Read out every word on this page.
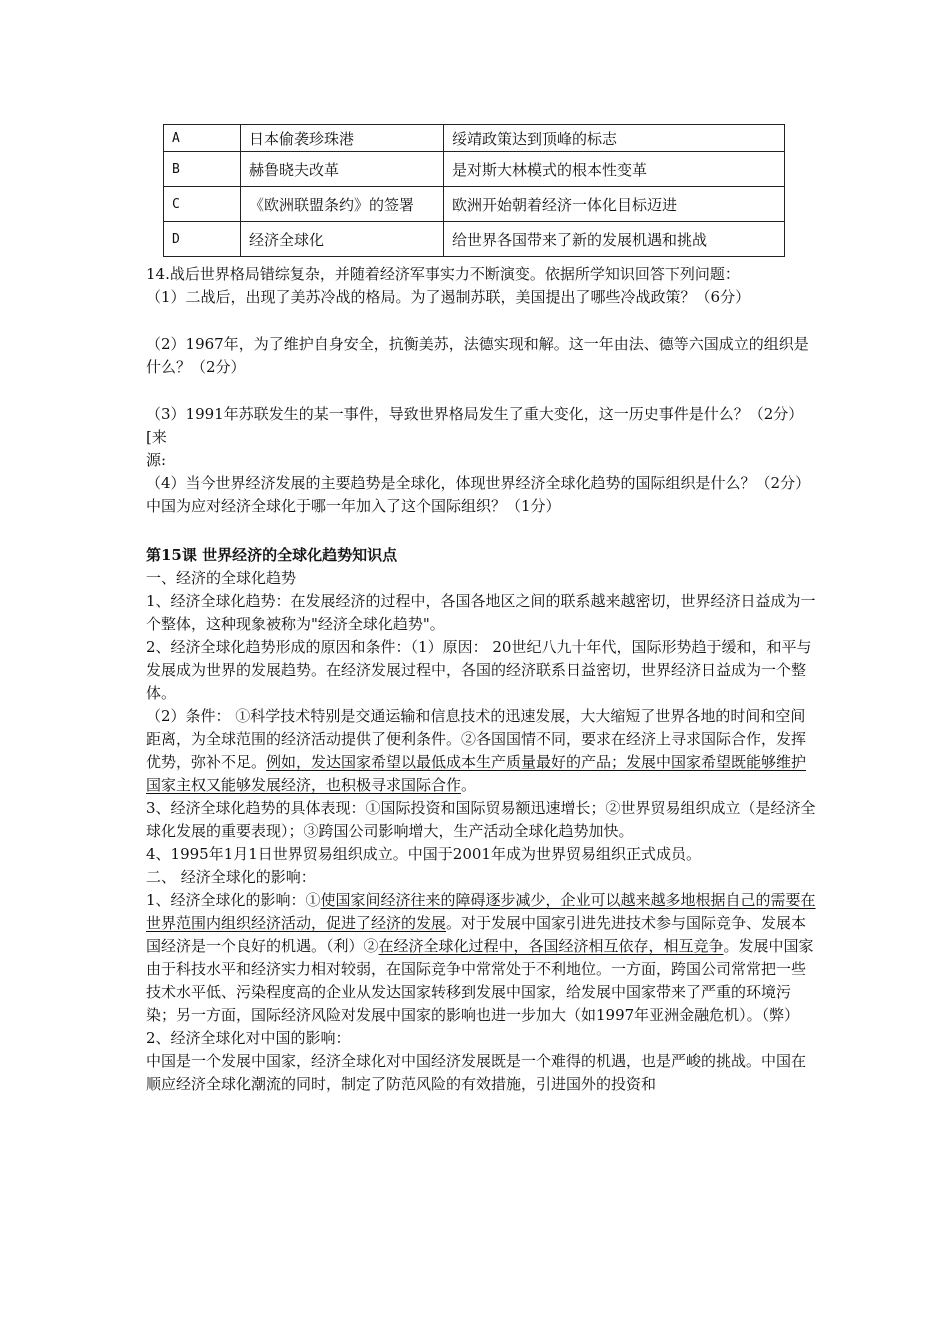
A	日本偷袭珍珠港	绥靖政策达到顶峰的标志
B	赫鲁晓夫改革	是对斯大林模式的根本性变革
C	《欧洲联盟条约》的签署	欧洲开始朝着经济一体化目标迈进
D	经济全球化	给世界各国带来了新的发展机遇和挑战

14.战后世界格局错综复杂，并随着经济军事实力不断演变。依据所学知识回答下列问题：

（1）二战后，出现了美苏冷战的格局。为了遏制苏联，美国提出了哪些冷战政策？（6分）

（2）1967年，为了维护自身安全，抗衡美苏，法德实现和解。这一年由法、德等六国成立的组织是什么？（2分）

（3）1991年苏联发生的某一事件，导致世界格局发生了重大变化，这一历史事件是什么？（2分）[来

源:

（4）当今世界经济发展的主要趋势是全球化，体现世界经济全球化趋势的国际组织是什么？（2分）中国为应对经济全球化于哪一年加入了这个国际组织？（1分）

第15课 世界经济的全球化趋势知识点

一、经济的全球化趋势

1、经济全球化趋势：在发展经济的过程中，各国各地区之间的联系越来越密切，世界经济日益成为一个整体，这种现象被称为"经济全球化趋势"。

2、经济全球化趋势形成的原因和条件：（1）原因： 20世纪八九十年代，国际形势趋于缓和，和平与发展成为世界的发展趋势。在经济发展过程中，各国的经济联系日益密切，世界经济日益成为一个整体。

（2）条件： ①科学技术特别是交通运输和信息技术的迅速发展，大大缩短了世界各地的时间和空间距离，为全球范围的经济活动提供了便利条件。②各国国情不同，要求在经济上寻求国际合作，发挥优势，弥补不足。例如，发达国家希望以最低成本生产质量最好的产品；发展中国家希望既能够维护国家主权又能够发展经济，也积极寻求国际合作。

3、经济全球化趋势的具体表现：①国际投资和国际贸易额迅速增长；②世界贸易组织成立（是经济全球化发展的重要表现）；③跨国公司影响增大，生产活动全球化趋势加快。

4、1995年1月1日世界贸易组织成立。中国于2001年成为世界贸易组织正式成员。

二、 经济全球化的影响：

1、经济全球化的影响：①使国家间经济往来的障碍逐步减少，企业可以越来越多地根据自己的需要在世界范围内组织经济活动，促进了经济的发展。对于发展中国家引进先进技术参与国际竞争、发展本国经济是一个良好的机遇。（利）②在经济全球化过程中，各国经济相互依存，相互竞争。发展中国家由于科技水平和经济实力相对较弱，在国际竞争中常常处于不利地位。一方面，跨国公司常常把一些技术水平低、污染程度高的企业从发达国家转移到发展中国家，给发展中国家带来了严重的环境污染；另一方面，国际经济风险对发展中国家的影响也进一步加大（如1997年亚洲金融危机）。（弊）

2、经济全球化对中国的影响：

中国是一个发展中国家，经济全球化对中国经济发展既是一个难得的机遇，也是严峻的挑战。中国在顺应经济全球化潮流的同时，制定了防范风险的有效措施，引进国外的投资和
